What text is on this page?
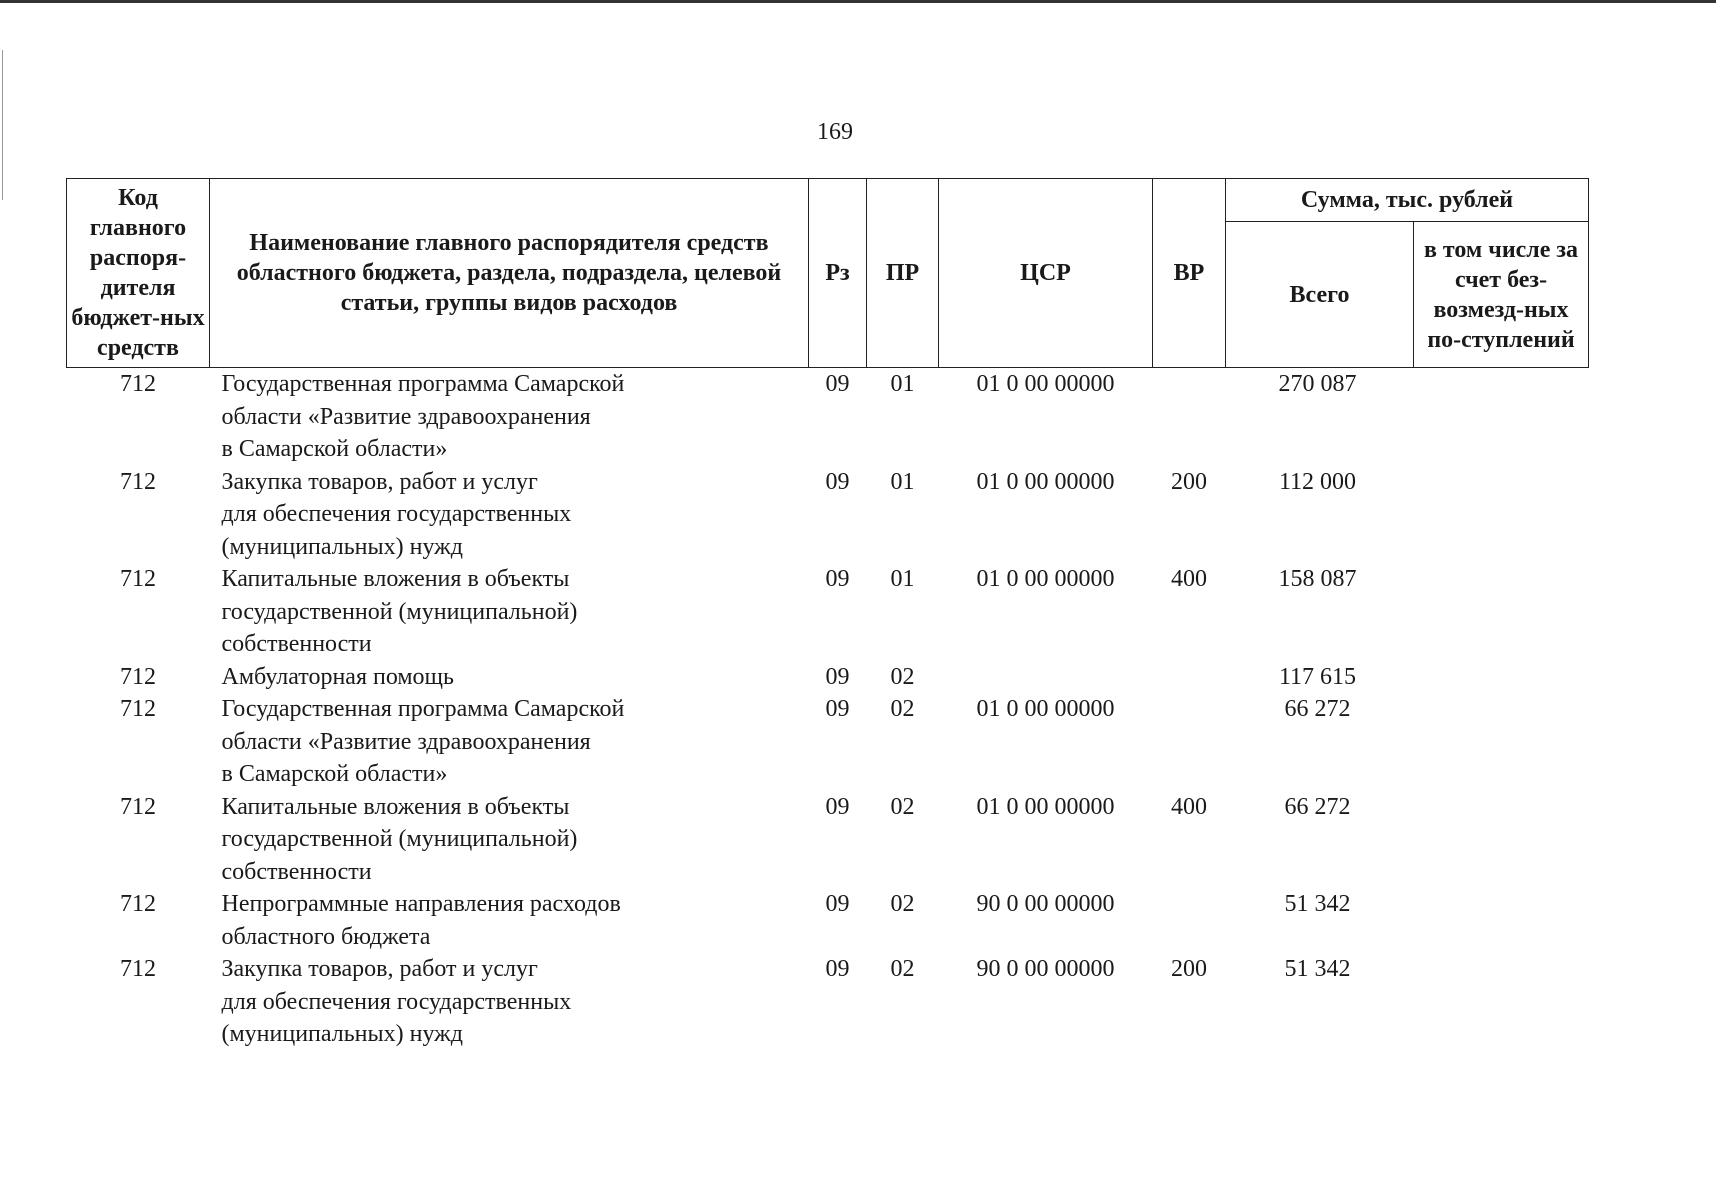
169
Код главного распоря-дителя бюджет-ных средств	Наименование главного распорядителя средств областного бюджета, раздела, подраздела, целевой статьи, группы видов расходов	Рз	ПР	ЦСР	ВР	Сумма, тыс. рублей	
						Всего	в том числе за счет без-возмезд-ных по-ступлений
712	Государственная программа Самарской
области «Развитие здравоохранения
в Самарской области»	09	01	01 0 00 00000		270 087	
712	Закупка товаров, работ и услуг
для обеспечения государственных
(муниципальных) нужд	09	01	01 0 00 00000	200	112 000	
712	Капитальные вложения в объекты
государственной (муниципальной)
собственности	09	01	01 0 00 00000	400	158 087	
712	Амбулаторная помощь	09	02			117 615	
712	Государственная программа Самарской
области «Развитие здравоохранения
в Самарской области»	09	02	01 0 00 00000		66 272	
712	Капитальные вложения в объекты
государственной (муниципальной)
собственности	09	02	01 0 00 00000	400	66 272	
712	Непрограммные направления расходов
областного бюджета	09	02	90 0 00 00000		51 342	
712	Закупка товаров, работ и услуг
для обеспечения государственных
(муниципальных) нужд	09	02	90 0 00 00000	200	51 342	
